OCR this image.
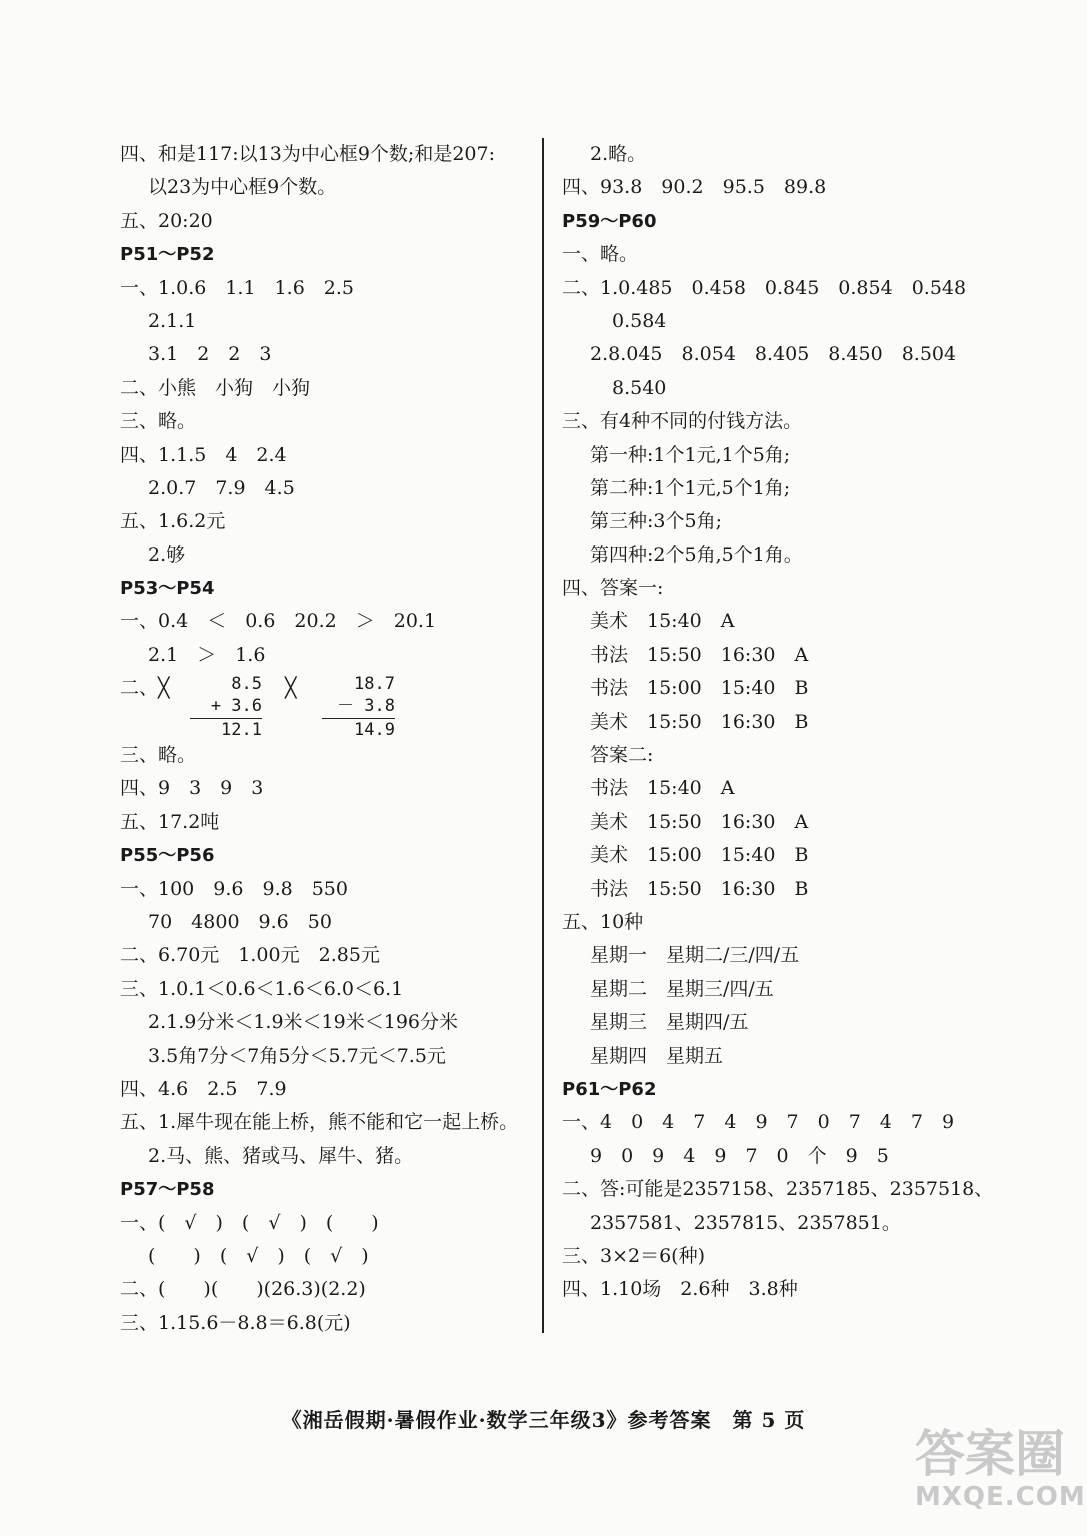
四、和是117:以13为中心框9个数;和是207:
以23为中心框9个数。
五、20:20
P51～P52
一、1.0.6　1.1　1.6　2.5
2.1.1
3.1　2　2　3
二、小熊　小狗　小狗
三、略。
四、1.1.5　4　2.4
2.0.7　7.9　4.5
五、1.6.2元
2.够
P53～P54
一、0.4　＜　0.6　20.2　＞　20.1
2.1　＞　1.6
二、╳	╳
8.5
+ 3.6
12.1
18.7
－ 3.8
14.9
三、略。
四、9　3　9　3
五、17.2吨
P55～P56
一、100　9.6　9.8　550
70　4800　9.6　50
二、6.70元　1.00元　2.85元
三、1.0.1＜0.6＜1.6＜6.0＜6.1
2.1.9分米＜1.9米＜19米＜196分米
3.5角7分＜7角5分＜5.7元＜7.5元
四、4.6　2.5　7.9
五、1.犀牛现在能上桥，熊不能和它一起上桥。
2.马、熊、猪或马、犀牛、猪。
P57～P58
一、(　√　)　(　√　)　(　　)
(　　)　(　√　)　(　√　)
二、(　　)(　　)(26.3)(2.2)
三、1.15.6－8.8＝6.8(元)
2.略。
四、93.8　90.2　95.5　89.8
P59～P60
一、略。
二、1.0.485　0.458　0.845　0.854　0.548
0.584
2.8.045　8.054　8.405　8.450　8.504
8.540
三、有4种不同的付钱方法。
第一种:1个1元,1个5角;
第二种:1个1元,5个1角;
第三种:3个5角;
第四种:2个5角,5个1角。
四、答案一:
美术　15:40　A
书法　15:50　16:30　A
书法　15:00　15:40　B
美术　15:50　16:30　B
答案二:
书法　15:40　A
美术　15:50　16:30　A
美术　15:00　15:40　B
书法　15:50　16:30　B
五、10种
星期一　星期二/三/四/五
星期二　星期三/四/五
星期三　星期四/五
星期四　星期五
P61～P62
一、4　0　4　7　4　9　7　0　7　4　7　9
9　0　9　4　9　7　0　个　9　5
二、答:可能是2357158、2357185、2357518、
2357581、2357815、2357851。
三、3×2＝6(种)
四、1.10场　2.6种　3.8种
《湘岳假期·暑假作业·数学三年级3》参考答案　第 5 页
答案圈
MXQE.COM
